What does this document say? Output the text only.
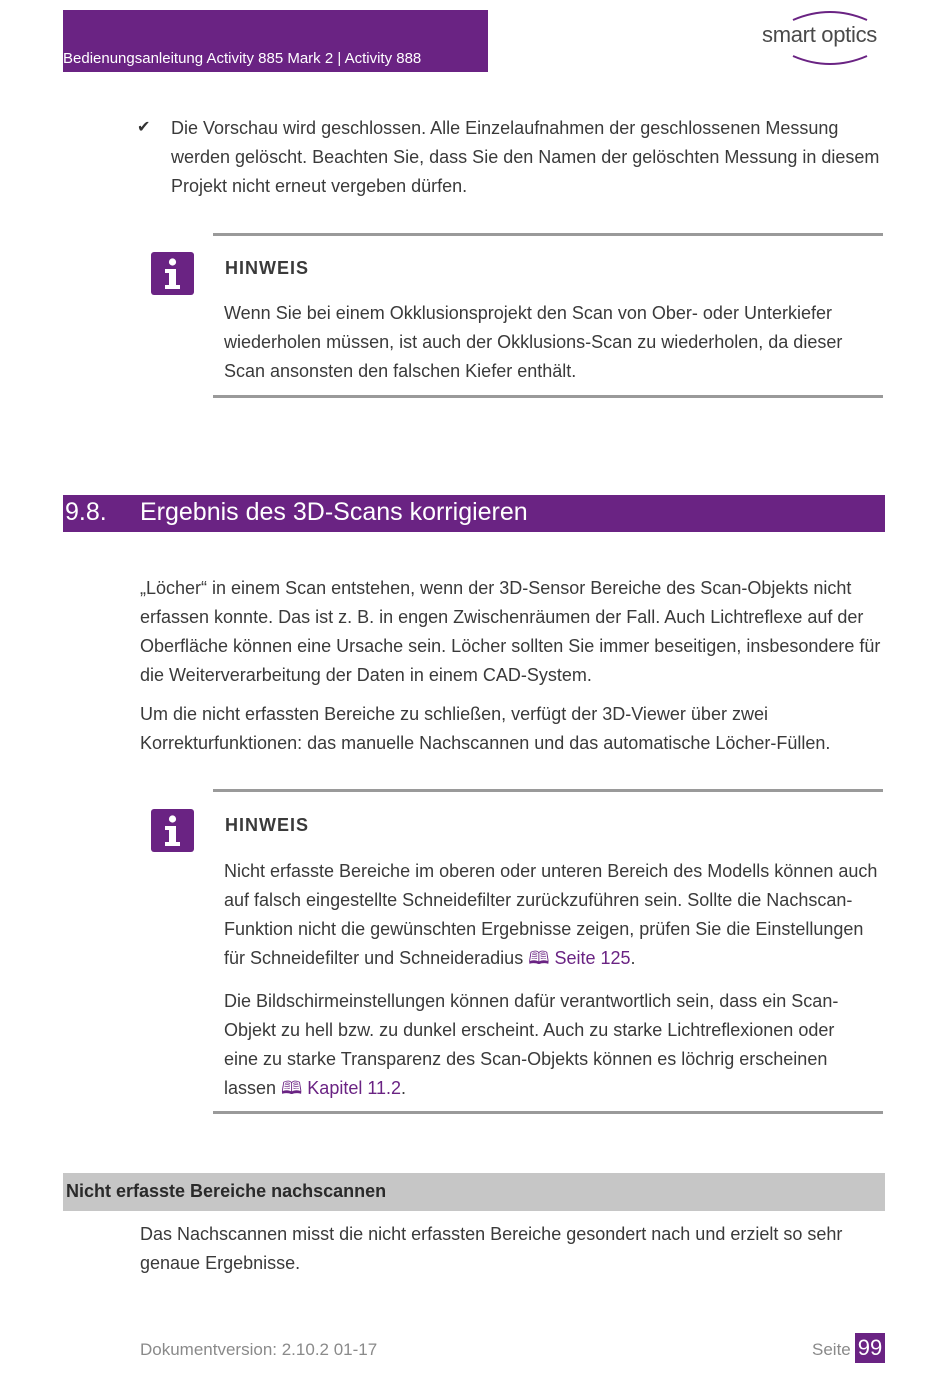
Bedienungsanleitung Activity 885 Mark 2 | Activity 888
smart optics
✔ Die Vorschau wird geschlossen. Alle Einzelaufnahmen der geschlossenen Messung werden gelöscht. Beachten Sie, dass Sie den Namen der gelöschten Messung in diesem Projekt nicht erneut vergeben dürfen.

HINWEIS

Wenn Sie bei einem Okklusionsprojekt den Scan von Ober- oder Unterkiefer wiederholen müssen, ist auch der Okklusions-Scan zu wiederholen, da dieser Scan ansonsten den falschen Kiefer enthält.

9.8. Ergebnis des 3D-Scans korrigieren

„Löcher“ in einem Scan entstehen, wenn der 3D-Sensor Bereiche des Scan-Objekts nicht erfassen konnte. Das ist z. B. in engen Zwischenräumen der Fall. Auch Lichtreflexe auf der Oberfläche können eine Ursache sein. Löcher sollten Sie immer beseitigen, insbesondere für die Weiterverarbeitung der Daten in einem CAD-System.

Um die nicht erfassten Bereiche zu schließen, verfügt der 3D-Viewer über zwei Korrekturfunktionen: das manuelle Nachscannen und das automatische Löcher-Füllen.

HINWEIS

Nicht erfasste Bereiche im oberen oder unteren Bereich des Modells können auch auf falsch eingestellte Schneidefilter zurückzuführen sein. Sollte die Nachscan-Funktion nicht die gewünschten Ergebnisse zeigen, prüfen Sie die Einstellungen für Schneidefilter und Schneideradius 🕮 Seite 125.

Die Bildschirmeinstellungen können dafür verantwortlich sein, dass ein Scan-Objekt zu hell bzw. zu dunkel erscheint. Auch zu starke Lichtreflexionen oder eine zu starke Transparenz des Scan-Objekts können es löchrig erscheinen lassen 🕮 Kapitel 11.2.

Nicht erfasste Bereiche nachscannen

Das Nachscannen misst die nicht erfassten Bereiche gesondert nach und erzielt so sehr genaue Ergebnisse.

Dokumentversion: 2.10.2 01-17	Seite 99
